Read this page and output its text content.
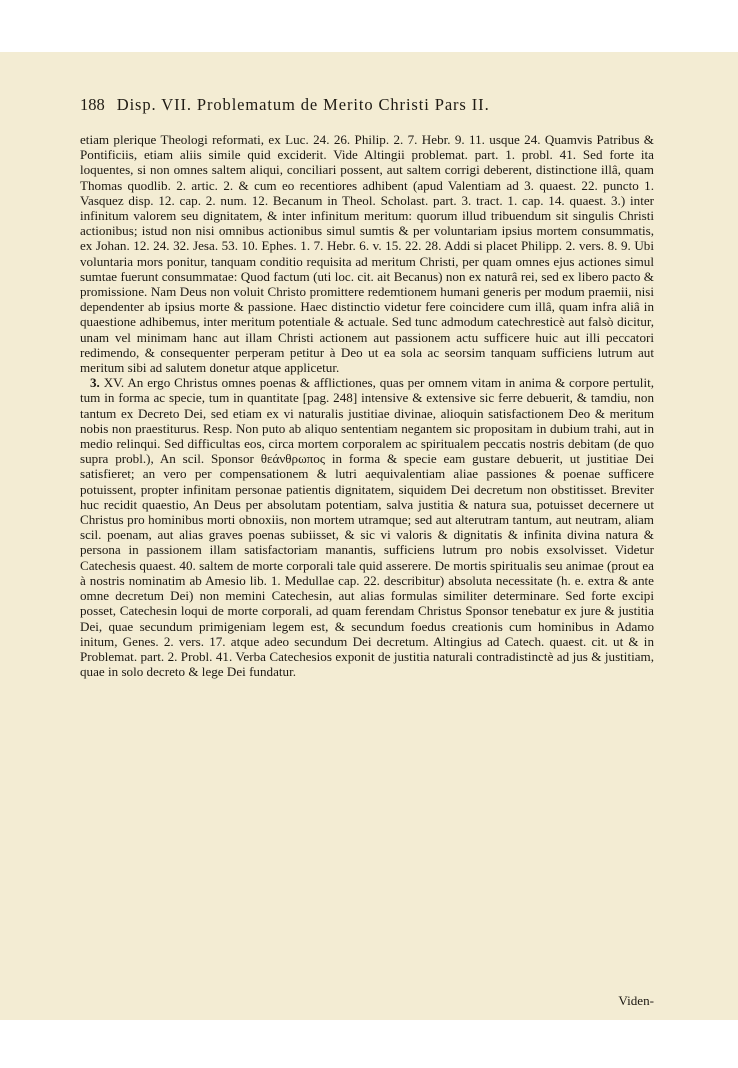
188 Disp. VII. Problematum de Merito Christi Pars II.

etiam plerique Theologi reformati, ex Luc. 24. 26. Philip. 2. 7. Hebr. 9. 11. usque 24. Quamvis Patribus & Pontificiis, etiam aliis simile quid exciderit. Vide Altingii problemat. part. 1. probl. 41. Sed forte ita loquentes, si non omnes saltem aliqui, conciliari possent, aut saltem corrigi deberent, distinctione illâ, quam Thomas quodlib. 2. artic. 2. & cum eo recentiores adhibent (apud Valentiam ad 3. quaest. 22. puncto 1. Vasquez disp. 12. cap. 2. num. 12. Becanum in Theol. Scholast. part. 3. tract. 1. cap. 14. quaest. 3.) inter infinitum valorem seu dignitatem, & inter infinitum meritum: quorum illud tribuendum sit singulis Christi actionibus; istud non nisi omnibus actionibus simul sumtis & per voluntariam ipsius mortem consummatis, ex Johan. 12. 24. 32. Jesa. 53. 10. Ephes. 1. 7. Hebr. 6. v. 15. 22. 28. Addi si placet Philipp. 2. vers. 8. 9. Ubi voluntaria mors ponitur, tanquam conditio requisita ad meritum Christi, per quam omnes ejus actiones simul sumtae fuerunt consummatae: Quod factum (uti loc. cit. ait Becanus) non ex naturâ rei, sed ex libero pacto & promissione. Nam Deus non voluit Christo promittere redemtionem humani generis per modum praemii, nisi dependenter ab ipsius morte & passione. Haec distinctio videtur fere coincidere cum illâ, quam infra aliâ in quaestione adhibemus, inter meritum potentiale & actuale. Sed tunc admodum catechresticè aut falsò dicitur, unam vel minimam hanc aut illam Christi actionem aut passionem actu sufficere huic aut illi peccatori redimendo, & consequenter perperam petitur à Deo ut ea sola ac seorsim tanquam sufficiens lutrum aut meritum sibi ad salutem donetur atque applicetur.

3. XV. An ergo Christus omnes poenas & afflictiones, quas per omnem vitam in anima & corpore pertulit, tum in forma ac specie, tum in quantitate [pag. 248] intensive & extensive sic ferre debuerit, & tamdiu, non tantum ex Decreto Dei, sed etiam ex vi naturalis justitiae divinae, alioquin satisfactionem Deo & meritum nobis non praestiturus. Resp. Non puto ab aliquo sententiam negantem sic propositam in dubium trahi, aut in medio relinqui. Sed difficultas eos, circa mortem corporalem ac spiritualem peccatis nostris debitam (de quo supra probl.), An scil. Sponsor θεάνθρωπος in forma & specie eam gustare debuerit, ut justitiae Dei satisfieret; an vero per compensationem & lutri aequivalentiam aliae passiones & poenae sufficere potuissent, propter infinitam personae patientis dignitatem, siquidem Dei decretum non obstitisset. Breviter huc recidit quaestio, An Deus per absolutam potentiam, salva justitia & natura sua, potuisset decernere ut Christus pro hominibus morti obnoxiis, non mortem utramque; sed aut alterutram tantum, aut neutram, aliam scil. poenam, aut alias graves poenas subiisset, & sic vi valoris & dignitatis & infinita divina natura & persona in passionem illam satisfactoriam manantis, sufficiens lutrum pro nobis exsolvisset. Videtur Catechesis quaest. 40. saltem de morte corporali tale quid asserere. De mortis spiritualis seu animae (prout ea à nostris nominatim ab Amesio lib. 1. Medullae cap. 22. describitur) absoluta necessitate (h. e. extra & ante omne decretum Dei) non memini Catechesin, aut alias formulas similiter determinare. Sed forte excipi posset, Catechesin loqui de morte corporali, ad quam ferendam Christus Sponsor tenebatur ex jure & justitia Dei, quae secundum primigeniam legem est, & secundum foedus creationis cum hominibus in Adamo initum, Genes. 2. vers. 17. atque adeo secundum Dei decretum. Altingius ad Catech. quaest. cit. ut & in Problemat. part. 2. Probl. 41. Verba Catechesios exponit de justitia naturali contradistinctè ad jus & justitiam, quae in solo decreto & lege Dei fundatur.

Viden-
